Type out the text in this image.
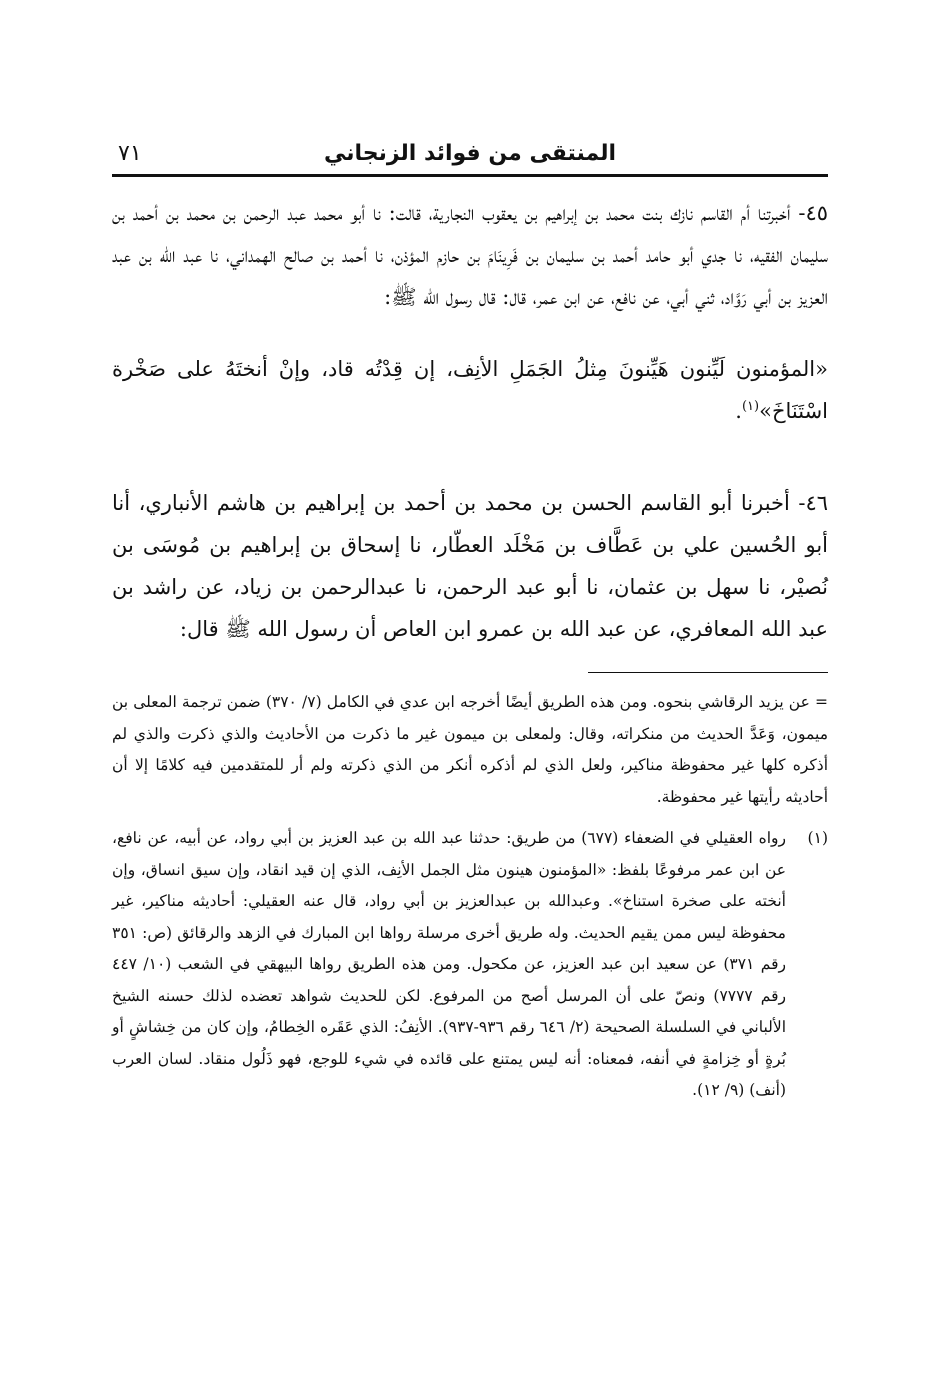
المنتقى من فوائد الزنجاني
٧١

٤٥- أخبرتنا أم القاسم نازك بنت محمد بن إبراهيم بن يعقوب النجارية، قالت: نا أبو محمد عبد الرحمن بن محمد بن أحمد بن سليمان الفقيه، نا جدي أبو حامد أحمد بن سليمان بن فَرِينَامَ بن حازم المؤذن، نا أحمد بن صالح الهمداني، نا عبد الله بن عبد العزيز بن أبي رَوَّاد، ثني أبي، عن نافع، عن ابن عمر، قال: قال رسول الله ﷺ:

«المؤمنون لَيِّنون هَيِّنونَ مِثلُ الجَمَلِ الأنِف، إن قِدْتُه قاد، وإنْ أنختَهُ على صَخْرة اسْتَنَاخَ»$^{(١)}$.

٤٦- أخبرنا أبو القاسم الحسن بن محمد بن أحمد بن إبراهيم بن هاشم الأنباري، أنا أبو الحُسين علي بن عَطَّاف بن مَخْلَد العطّار، نا إسحاق بن إبراهيم بن مُوسَى بن نُصيْر، نا سهل بن عثمان، نا أبو عبد الرحمن، نا عبدالرحمن بن زياد، عن راشد بن عبد الله المعافري، عن عبد الله بن عمرو ابن العاص أن رسول الله ﷺ قال:

= عن يزيد الرقاشي بنحوه. ومن هذه الطريق أيضًا أخرجه ابن عدي في الكامل (٧/ ٣٧٠) ضمن ترجمة المعلى بن ميمون، وَعَدَّ الحديث من منكراته، وقال: ولمعلى بن ميمون غير ما ذكرت من الأحاديث والذي ذكرت والذي لم أذكره كلها غير محفوظة مناكير، ولعل الذي لم أذكره أنكر من الذي ذكرته ولم أر للمتقدمين فيه كلامًا إلا أن أحاديثه رأيتها غير محفوظة.

(١)
رواه العقيلي في الضعفاء (٦٧٧) من طريق: حدثنا عبد الله بن عبد العزيز بن أبي رواد، عن أبيه، عن نافع، عن ابن عمر مرفوعًا بلفظ: «المؤمنون هينون مثل الجمل الأنِف، الذي إن قيد انقاد، وإن سيق انساق، وإن أنخته على صخرة استناخ». وعبدالله بن عبدالعزيز بن أبي رواد، قال عنه العقيلي: أحاديثه مناكير، غير محفوظة ليس ممن يقيم الحديث. وله طريق أخرى مرسلة رواها ابن المبارك في الزهد والرقائق (ص: ٣٥١ رقم ٣٧١) عن سعيد ابن عبد العزيز، عن مكحول. ومن هذه الطريق رواها البيهقي في الشعب (١٠/ ٤٤٧ رقم ٧٧٧٧) ونصّ على أن المرسل أصح من المرفوع. لكن للحديث شواهد تعضده لذلك حسنه الشيخ الألباني في السلسلة الصحيحة (٢/ ٦٤٦ رقم ٩٣٦-٩٣٧). الأنِفُ: الذي عَقَره الخِطامُ، وإن كان من خِشاشٍ أو بُرةٍ أو خِزامةٍ في أنفه، فمعناه: أنه ليس يمتنع على قائده في شيء للوجع، فهو ذَلُول منقاد. لسان العرب (أنف) (٩/ ١٢).
